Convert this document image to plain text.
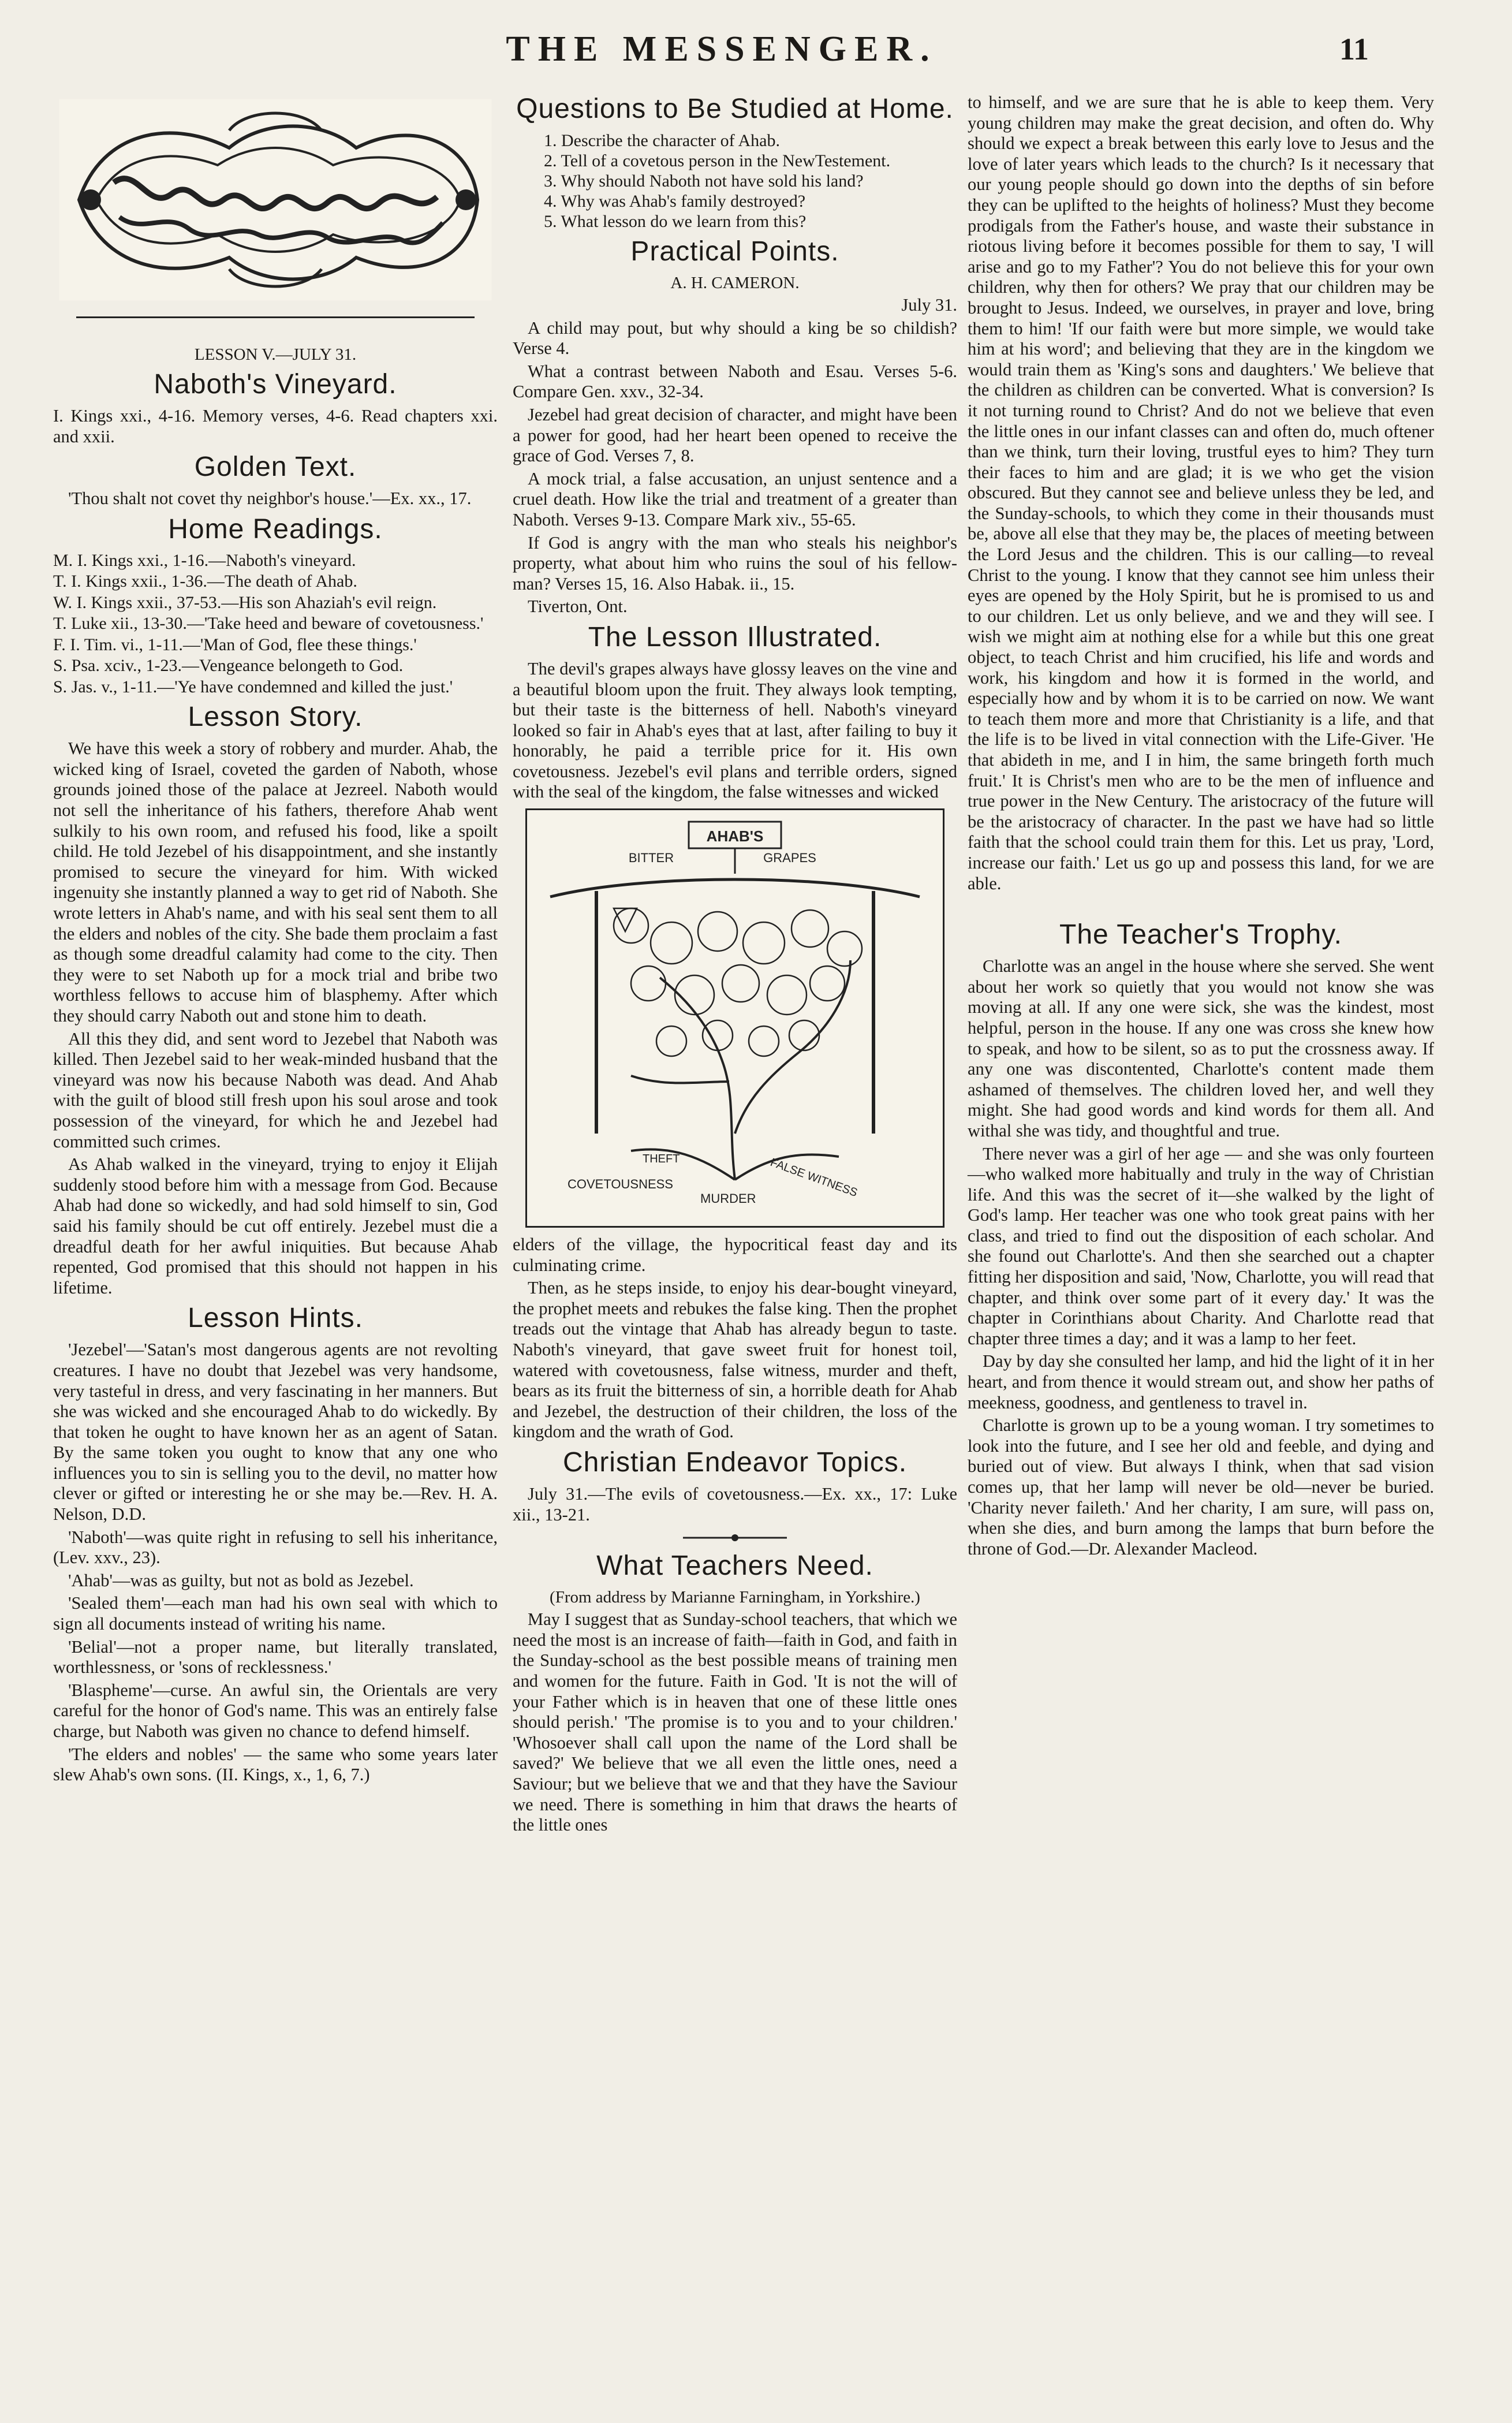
THE MESSENGER.	11
LESSON V.—JULY 31.
Naboth's Vineyard.

I. Kings xxi., 4-16. Memory verses, 4-6. Read chapters xxi. and xxii.

Golden Text.

'Thou shalt not covet thy neighbor's house.'—Ex. xx., 17.

Home Readings.

M. I. Kings xxi., 1-16.—Naboth's vineyard.

T. I. Kings xxii., 1-36.—The death of Ahab.

W. I. Kings xxii., 37-53.—His son Ahaziah's evil reign.

T. Luke xii., 13-30.—'Take heed and beware of covetousness.'

F. I. Tim. vi., 1-11.—'Man of God, flee these things.'

S. Psa. xciv., 1-23.—Vengeance belongeth to God.

S. Jas. v., 1-11.—'Ye have condemned and killed the just.'

Lesson Story.

We have this week a story of robbery and murder. Ahab, the wicked king of Israel, coveted the garden of Naboth, whose grounds joined those of the palace at Jezreel. Naboth would not sell the inheritance of his fathers, therefore Ahab went sulkily to his own room, and refused his food, like a spoilt child. He told Jezebel of his disappointment, and she instantly promised to secure the vineyard for him. With wicked ingenuity she instantly planned a way to get rid of Naboth. She wrote letters in Ahab's name, and with his seal sent them to all the elders and nobles of the city. She bade them proclaim a fast as though some dreadful calamity had come to the city. Then they were to set Naboth up for a mock trial and bribe two worthless fellows to accuse him of blasphemy. After which they should carry Naboth out and stone him to death.

All this they did, and sent word to Jezebel that Naboth was killed. Then Jezebel said to her weak-minded husband that the vineyard was now his because Naboth was dead. And Ahab with the guilt of blood still fresh upon his soul arose and took possession of the vineyard, for which he and Jezebel had committed such crimes.

As Ahab walked in the vineyard, trying to enjoy it Elijah suddenly stood before him with a message from God. Because Ahab had done so wickedly, and had sold himself to sin, God said his family should be cut off entirely. Jezebel must die a dreadful death for her awful iniquities. But because Ahab repented, God promised that this should not happen in his lifetime.

Lesson Hints.

'Jezebel'—'Satan's most dangerous agents are not revolting creatures. I have no doubt that Jezebel was very handsome, very tasteful in dress, and very fascinating in her manners. But she was wicked and she encouraged Ahab to do wickedly. By that token he ought to have known her as an agent of Satan. By the same token you ought to know that any one who influences you to sin is selling you to the devil, no matter how clever or gifted or interesting he or she may be.—Rev. H. A. Nelson, D.D.

'Naboth'—was quite right in refusing to sell his inheritance, (Lev. xxv., 23).

'Ahab'—was as guilty, but not as bold as Jezebel.

'Sealed them'—each man had his own seal with which to sign all documents instead of writing his name.

'Belial'—not a proper name, but literally translated, worthlessness, or 'sons of recklessness.'

'Blaspheme'—curse. An awful sin, the Orientals are very careful for the honor of God's name. This was an entirely false charge, but Naboth was given no chance to defend himself.

'The elders and nobles' — the same who some years later slew Ahab's own sons. (II. Kings, x., 1, 6, 7.)

Questions to Be Studied at Home.

1. Describe the character of Ahab.

2. Tell of a covetous person in the NewTestement.

3. Why should Naboth not have sold his land?

4. Why was Ahab's family destroyed?

5. What lesson do we learn from this?

Practical Points.
A. H. CAMERON.

July 31.

A child may pout, but why should a king be so childish? Verse 4.

What a contrast between Naboth and Esau. Verses 5-6. Compare Gen. xxv., 32-34.

Jezebel had great decision of character, and might have been a power for good, had her heart been opened to receive the grace of God. Verses 7, 8.

A mock trial, a false accusation, an unjust sentence and a cruel death. How like the trial and treatment of a greater than Naboth. Verses 9-13. Compare Mark xiv., 55-65.

If God is angry with the man who steals his neighbor's property, what about him who ruins the soul of his fellow-man? Verses 15, 16. Also Habak. ii., 15.

Tiverton, Ont.

The Lesson Illustrated.

The devil's grapes always have glossy leaves on the vine and a beautiful bloom upon the fruit. They always look tempting, but their taste is the bitterness of hell. Naboth's vineyard looked so fair in Ahab's eyes that at last, after failing to buy it honorably, he paid a terrible price for it. His own covetousness. Jezebel's evil plans and terrible orders, signed with the seal of the kingdom, the false witnesses and wicked

AHAB'S
BITTER	GRAPES
THEFT	FALSE WITNESS
COVETOUSNESS
MURDER

elders of the village, the hypocritical feast day and its culminating crime.

Then, as he steps inside, to enjoy his dear-bought vineyard, the prophet meets and rebukes the false king. Then the prophet treads out the vintage that Ahab has already begun to taste. Naboth's vineyard, that gave sweet fruit for honest toil, watered with covetousness, false witness, murder and theft, bears as its fruit the bitterness of sin, a horrible death for Ahab and Jezebel, the destruction of their children, the loss of the kingdom and the wrath of God.

Christian Endeavor Topics.

July 31.—The evils of covetousness.—Ex. xx., 17: Luke xii., 13-21.

What Teachers Need.
(From address by Marianne Farningham, in Yorkshire.)

May I suggest that as Sunday-school teachers, that which we need the most is an increase of faith—faith in God, and faith in the Sunday-school as the best possible means of training men and women for the future. Faith in God. 'It is not the will of your Father which is in heaven that one of these little ones should perish.' 'The promise is to you and to your children.' 'Whosoever shall call upon the name of the Lord shall be saved?' We believe that we all even the little ones, need a Saviour; but we believe that we and that they have the Saviour we need. There is something in him that draws the hearts of the little ones

to himself, and we are sure that he is able to keep them. Very young children may make the great decision, and often do. Why should we expect a break between this early love to Jesus and the love of later years which leads to the church? Is it necessary that our young people should go down into the depths of sin before they can be uplifted to the heights of holiness? Must they become prodigals from the Father's house, and waste their substance in riotous living before it becomes possible for them to say, 'I will arise and go to my Father'? You do not believe this for your own children, why then for others? We pray that our children may be brought to Jesus. Indeed, we ourselves, in prayer and love, bring them to him! 'If our faith were but more simple, we would take him at his word'; and believing that they are in the kingdom we would train them as 'King's sons and daughters.' We believe that the children as children can be converted. What is conversion? Is it not turning round to Christ? And do not we believe that even the little ones in our infant classes can and often do, much oftener than we think, turn their loving, trustful eyes to him? They turn their faces to him and are glad; it is we who get the vision obscured. But they cannot see and believe unless they be led, and the Sunday-schools, to which they come in their thousands must be, above all else that they may be, the places of meeting between the Lord Jesus and the children. This is our calling—to reveal Christ to the young. I know that they cannot see him unless their eyes are opened by the Holy Spirit, but he is promised to us and to our children. Let us only believe, and we and they will see. I wish we might aim at nothing else for a while but this one great object, to teach Christ and him crucified, his life and words and work, his kingdom and how it is formed in the world, and especially how and by whom it is to be carried on now. We want to teach them more and more that Christianity is a life, and that the life is to be lived in vital connection with the Life-Giver. 'He that abideth in me, and I in him, the same bringeth forth much fruit.' It is Christ's men who are to be the men of influence and true power in the New Century. The aristocracy of the future will be the aristocracy of character. In the past we have had so little faith that the school could train them for this. Let us pray, 'Lord, increase our faith.' Let us go up and possess this land, for we are able.

The Teacher's Trophy.

Charlotte was an angel in the house where she served. She went about her work so quietly that you would not know she was moving at all. If any one were sick, she was the kindest, most helpful, person in the house. If any one was cross she knew how to speak, and how to be silent, so as to put the crossness away. If any one was discontented, Charlotte's content made them ashamed of themselves. The children loved her, and well they might. She had good words and kind words for them all. And withal she was tidy, and thoughtful and true.

There never was a girl of her age — and she was only fourteen—who walked more habitually and truly in the way of Christian life. And this was the secret of it—she walked by the light of God's lamp. Her teacher was one who took great pains with her class, and tried to find out the disposition of each scholar. And she found out Charlotte's. And then she searched out a chapter fitting her disposition and said, 'Now, Charlotte, you will read that chapter, and think over some part of it every day.' It was the chapter in Corinthians about Charity. And Charlotte read that chapter three times a day; and it was a lamp to her feet.

Day by day she consulted her lamp, and hid the light of it in her heart, and from thence it would stream out, and show her paths of meekness, goodness, and gentleness to travel in.

Charlotte is grown up to be a young woman. I try sometimes to look into the future, and I see her old and feeble, and dying and buried out of view. But always I think, when that sad vision comes up, that her lamp will never be old—never be buried. 'Charity never faileth.' And her charity, I am sure, will pass on, when she dies, and burn among the lamps that burn before the throne of God.—Dr. Alexander Macleod.
